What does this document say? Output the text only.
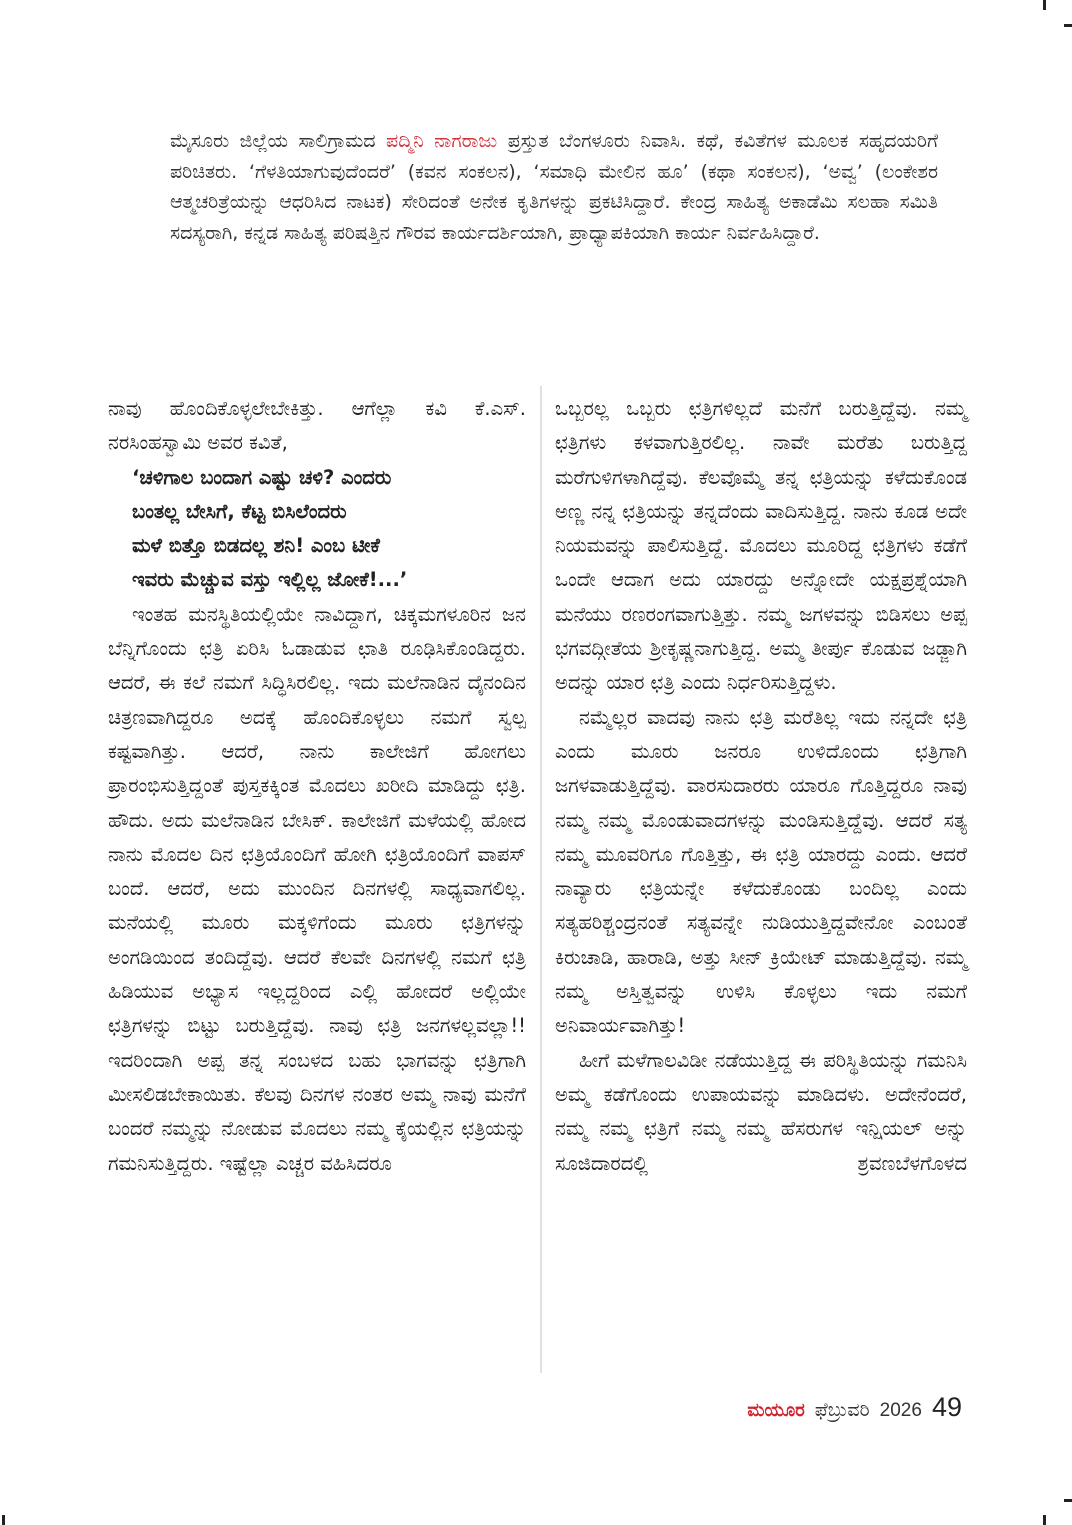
ಮೈಸೂರು ಜಿಲ್ಲೆಯ ಸಾಲಿಗ್ರಾಮದ ಪದ್ಮಿನಿ ನಾಗರಾಜು ಪ್ರಸ್ತುತ ಬೆಂಗಳೂರು ನಿವಾಸಿ. ಕಥೆ, ಕವಿತೆಗಳ ಮೂಲಕ ಸಹೃದಯರಿಗೆ ಪರಿಚಿತರು. ‘ಗೆಳತಿಯಾಗುವುದೆಂದರೆ’ (ಕವನ ಸಂಕಲನ), ‘ಸಮಾಧಿ ಮೇಲಿನ ಹೂ’ (ಕಥಾ ಸಂಕಲನ), ‘ಅವ್ವ’ (ಲಂಕೇಶರ ಆತ್ಮಚರಿತ್ರೆಯನ್ನು ಆಧರಿಸಿದ ನಾಟಕ) ಸೇರಿದಂತೆ ಅನೇಕ ಕೃತಿಗಳನ್ನು ಪ್ರಕಟಿಸಿದ್ದಾರೆ. ಕೇಂದ್ರ ಸಾಹಿತ್ಯ ಅಕಾಡೆಮಿ ಸಲಹಾ ಸಮಿತಿ ಸದಸ್ಯರಾಗಿ, ಕನ್ನಡ ಸಾಹಿತ್ಯ ಪರಿಷತ್ತಿನ ಗೌರವ ಕಾರ್ಯದರ್ಶಿಯಾಗಿ, ಪ್ರಾಧ್ಯಾಪಕಿಯಾಗಿ ಕಾರ್ಯ ನಿರ್ವಹಿಸಿದ್ದಾರೆ.

ನಾವು ಹೊಂದಿಕೊಳ್ಳಲೇಬೇಕಿತ್ತು. ಆಗೆಲ್ಲಾ ಕವಿ ಕೆ.ಎಸ್. ನರಸಿಂಹಸ್ವಾಮಿ ಅವರ ಕವಿತೆ,

‘ಚಳಿಗಾಲ ಬಂದಾಗ ಎಷ್ಟು ಚಳಿ? ಎಂದರು
ಬಂತಲ್ಲ ಬೇಸಿಗೆ, ಕೆಟ್ಟ ಬಿಸಿಲೆಂದರು
ಮಳೆ ಬಿತ್ತೊ ಬಿಡದಲ್ಲ ಶನಿ! ಎಂಬ ಟೀಕೆ
ಇವರು ಮೆಚ್ಚುವ ವಸ್ತು ಇಲ್ಲಿಲ್ಲ ಜೋಕೆ!...’

ಇಂತಹ ಮನಸ್ಥಿತಿಯಲ್ಲಿಯೇ ನಾವಿದ್ದಾಗ, ಚಿಕ್ಕಮಗಳೂರಿನ ಜನ ಬೆನ್ನಿಗೊಂದು ಛತ್ರಿ ಏರಿಸಿ ಓಡಾಡುವ ಛಾತಿ ರೂಢಿಸಿಕೊಂಡಿದ್ದರು. ಆದರೆ, ಈ ಕಲೆ ನಮಗೆ ಸಿದ್ಧಿಸಿರಲಿಲ್ಲ. ಇದು ಮಲೆನಾಡಿನ ದೈನಂದಿನ ಚಿತ್ರಣವಾಗಿದ್ದರೂ ಅದಕ್ಕೆ ಹೊಂದಿಕೊಳ್ಳಲು ನಮಗೆ ಸ್ವಲ್ಪ ಕಷ್ಟವಾಗಿತ್ತು. ಆದರೆ, ನಾನು ಕಾಲೇಜಿಗೆ ಹೋಗಲು ಪ್ರಾರಂಭಿಸುತ್ತಿದ್ದಂತೆ ಪುಸ್ತಕಕ್ಕಿಂತ ಮೊದಲು ಖರೀದಿ ಮಾಡಿದ್ದು ಛತ್ರಿ. ಹೌದು. ಅದು ಮಲೆನಾಡಿನ ಬೇಸಿಕ್. ಕಾಲೇಜಿಗೆ ಮಳೆಯಲ್ಲಿ ಹೋದ ನಾನು ಮೊದಲ ದಿನ ಛತ್ರಿಯೊಂದಿಗೆ ಹೋಗಿ ಛತ್ರಿಯೊಂದಿಗೆ ವಾಪಸ್ ಬಂದೆ. ಆದರೆ, ಅದು ಮುಂದಿನ ದಿನಗಳಲ್ಲಿ ಸಾಧ್ಯವಾಗಲಿಲ್ಲ. ಮನೆಯಲ್ಲಿ ಮೂರು ಮಕ್ಕಳಿಗೆಂದು ಮೂರು ಛತ್ರಿಗಳನ್ನು ಅಂಗಡಿಯಿಂದ ತಂದಿದ್ದೆವು. ಆದರೆ ಕೆಲವೇ ದಿನಗಳಲ್ಲಿ ನಮಗೆ ಛತ್ರಿ ಹಿಡಿಯುವ ಅಭ್ಯಾಸ ಇಲ್ಲದ್ದರಿಂದ ಎಲ್ಲಿ ಹೋದರೆ ಅಲ್ಲಿಯೇ ಛತ್ರಿಗಳನ್ನು ಬಿಟ್ಟು ಬರುತ್ತಿದ್ದೆವು. ನಾವು ಛತ್ರಿ ಜನಗಳಲ್ಲವಲ್ಲಾ!! ಇದರಿಂದಾಗಿ ಅಪ್ಪ ತನ್ನ ಸಂಬಳದ ಬಹು ಭಾಗವನ್ನು ಛತ್ರಿಗಾಗಿ ಮೀಸಲಿಡಬೇಕಾಯಿತು. ಕೆಲವು ದಿನಗಳ ನಂತರ ಅಮ್ಮ ನಾವು ಮನೆಗೆ ಬಂದರೆ ನಮ್ಮನ್ನು ನೋಡುವ ಮೊದಲು ನಮ್ಮ ಕೈಯಲ್ಲಿನ ಛತ್ರಿಯನ್ನು ಗಮನಿಸುತ್ತಿದ್ದರು. ಇಷ್ಟೆಲ್ಲಾ ಎಚ್ಚರ ವಹಿಸಿದರೂ

ಒಬ್ಬರಲ್ಲ ಒಬ್ಬರು ಛತ್ರಿಗಳಿಲ್ಲದೆ ಮನೆಗೆ ಬರುತ್ತಿದ್ದೆವು. ನಮ್ಮ ಛತ್ರಿಗಳು ಕಳವಾಗುತ್ತಿರಲಿಲ್ಲ. ನಾವೇ ಮರೆತು ಬರುತ್ತಿದ್ದ ಮರೆಗುಳಿಗಳಾಗಿದ್ದೆವು. ಕೆಲವೊಮ್ಮೆ ತನ್ನ ಛತ್ರಿಯನ್ನು ಕಳೆದುಕೊಂಡ ಅಣ್ಣ ನನ್ನ ಛತ್ರಿಯನ್ನು ತನ್ನದೆಂದು ವಾದಿಸುತ್ತಿದ್ದ. ನಾನು ಕೂಡ ಅದೇ ನಿಯಮವನ್ನು ಪಾಲಿಸುತ್ತಿದ್ದೆ. ಮೊದಲು ಮೂರಿದ್ದ ಛತ್ರಿಗಳು ಕಡೆಗೆ ಒಂದೇ ಆದಾಗ ಅದು ಯಾರದ್ದು ಅನ್ನೋದೇ ಯಕ್ಷಪ್ರಶ್ನೆಯಾಗಿ ಮನೆಯು ರಣರಂಗವಾಗುತ್ತಿತ್ತು. ನಮ್ಮ ಜಗಳವನ್ನು ಬಿಡಿಸಲು ಅಪ್ಪ ಭಗವದ್ಗೀತೆಯ ಶ್ರೀಕೃಷ್ಣನಾಗುತ್ತಿದ್ದ. ಅಮ್ಮ ತೀರ್ಪು ಕೊಡುವ ಜಡ್ಜಾಗಿ ಅದನ್ನು ಯಾರ ಛತ್ರಿ ಎಂದು ನಿರ್ಧರಿಸುತ್ತಿದ್ದಳು.

ನಮ್ಮೆಲ್ಲರ ವಾದವು ನಾನು ಛತ್ರಿ ಮರೆತಿಲ್ಲ ಇದು ನನ್ನದೇ ಛತ್ರಿ ಎಂದು ಮೂರು ಜನರೂ ಉಳಿದೊಂದು ಛತ್ರಿಗಾಗಿ ಜಗಳವಾಡುತ್ತಿದ್ದೆವು. ವಾರಸುದಾರರು ಯಾರೂ ಗೊತ್ತಿದ್ದರೂ ನಾವು ನಮ್ಮ ನಮ್ಮ ಮೊಂಡುವಾದಗಳನ್ನು ಮಂಡಿಸುತ್ತಿದ್ದೆವು. ಆದರೆ ಸತ್ಯ ನಮ್ಮ ಮೂವರಿಗೂ ಗೊತ್ತಿತ್ತು, ಈ ಛತ್ರಿ ಯಾರದ್ದು ಎಂದು. ಆದರೆ ನಾವ್ಯಾರು ಛತ್ರಿಯನ್ನೇ ಕಳೆದುಕೊಂಡು ಬಂದಿಲ್ಲ ಎಂದು ಸತ್ಯಹರಿಶ್ಚಂದ್ರನಂತೆ ಸತ್ಯವನ್ನೇ ನುಡಿಯುತ್ತಿದ್ದವೇನೋ ಎಂಬಂತೆ ಕಿರುಚಾಡಿ, ಹಾರಾಡಿ, ಅತ್ತು ಸೀನ್ ಕ್ರಿಯೇಟ್ ಮಾಡುತ್ತಿದ್ದೆವು. ನಮ್ಮ ನಮ್ಮ ಅಸ್ತಿತ್ವವನ್ನು ಉಳಿಸಿ ಕೊಳ್ಳಲು ಇದು ನಮಗೆ ಅನಿವಾರ್ಯವಾಗಿತ್ತು!

ಹೀಗೆ ಮಳೆಗಾಲವಿಡೀ ನಡೆಯುತ್ತಿದ್ದ ಈ ಪರಿಸ್ಥಿತಿಯನ್ನು ಗಮನಿಸಿ ಅಮ್ಮ ಕಡೆಗೊಂದು ಉಪಾಯವನ್ನು ಮಾಡಿದಳು. ಅದೇನೆಂದರೆ, ನಮ್ಮ ನಮ್ಮ ಛತ್ರಿಗೆ ನಮ್ಮ ನಮ್ಮ ಹೆಸರುಗಳ ಇನ್ಷಿಯಲ್ ಅನ್ನು ಸೂಜಿದಾರದಲ್ಲಿ ಶ್ರವಣಬೆಳಗೊಳದ

ಮಯೂರ ಫೆಬ್ರುವರಿ 2026 49
